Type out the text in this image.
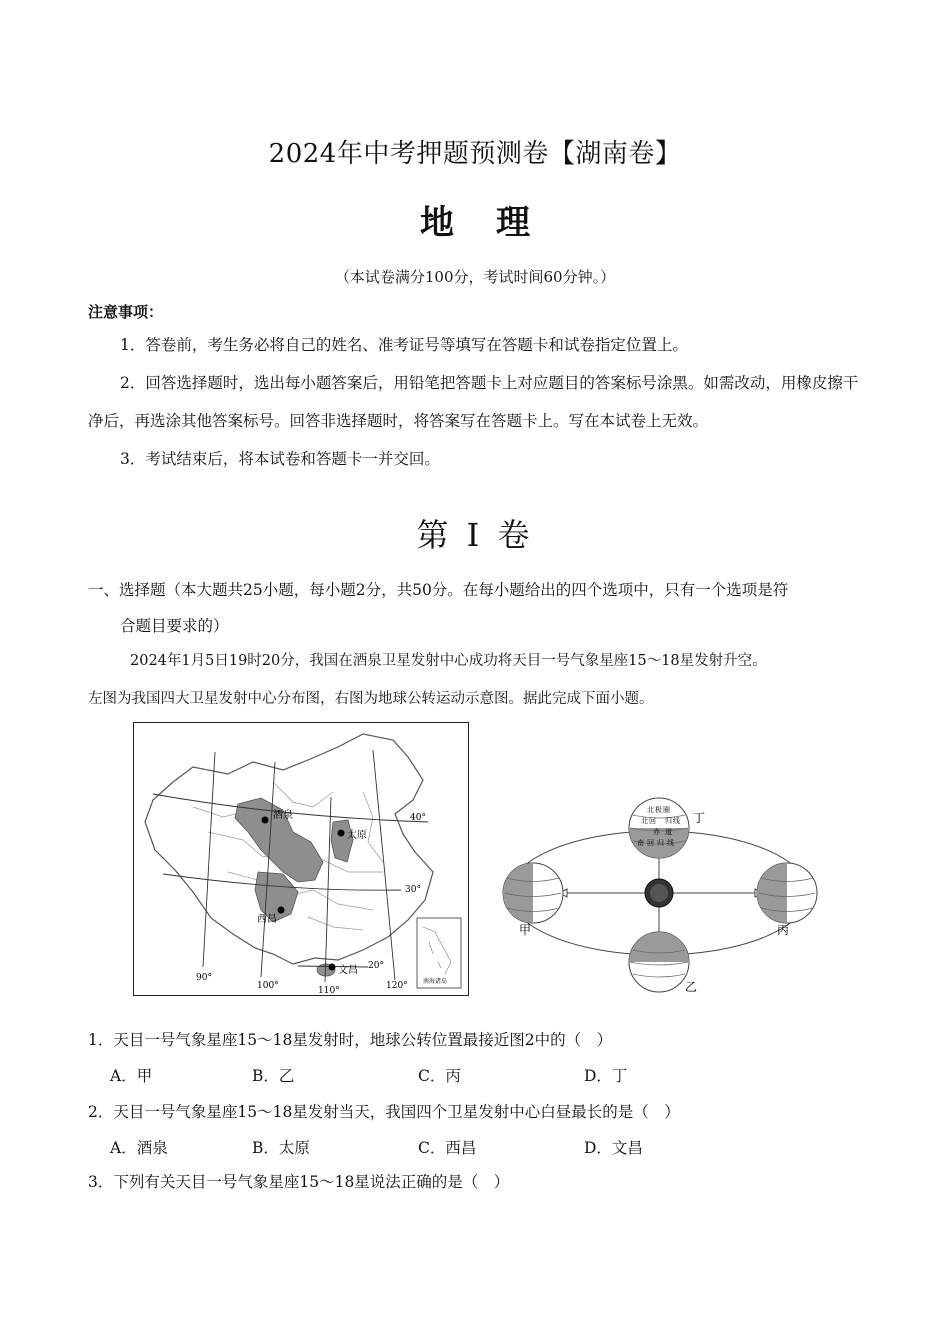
2024年中考押题预测卷【湖南卷】
地理
（本试卷满分100分，考试时间60分钟。）
注意事项：

1．答卷前，考生务必将自己的姓名、准考证号等填写在答题卡和试卷指定位置上。

2．回答选择题时，选出每小题答案后，用铅笔把答题卡上对应题目的答案标号涂黑。如需改动，用橡皮擦干净后，再选涂其他答案标号。回答非选择题时，将答案写在答题卡上。写在本试卷上无效。

3．考试结束后，将本试卷和答题卡一并交回。

第 I 卷
一、选择题（本大题共25小题，每小题2分，共50分。在每小题给出的四个选项中，只有一个选项是符
合题目要求的）

2024年1月5日19时20分，我国在酒泉卫星发射中心成功将天目一号气象星座15～18星发射升空。

左图为我国四大卫星发射中心分布图，右图为地球公转运动示意图。据此完成下面小题。

酒泉
太原
西昌
文昌
40°
30°
20°
90°
100°	110°	120°	南海诸岛
甲
乙
丙
北 极 圈
北 回 归 线
赤 道
南 回 归 线
丁
1．天目一号气象星座15～18星发射时，地球公转位置最接近图2中的（　）
A．甲	B．乙	C．丙	D．丁
2．天目一号气象星座15～18星发射当天，我国四个卫星发射中心白昼最长的是（　）
A．酒泉	B．太原	C．西昌	D．文昌
3．下列有关天目一号气象星座15～18星说法正确的是（　）
